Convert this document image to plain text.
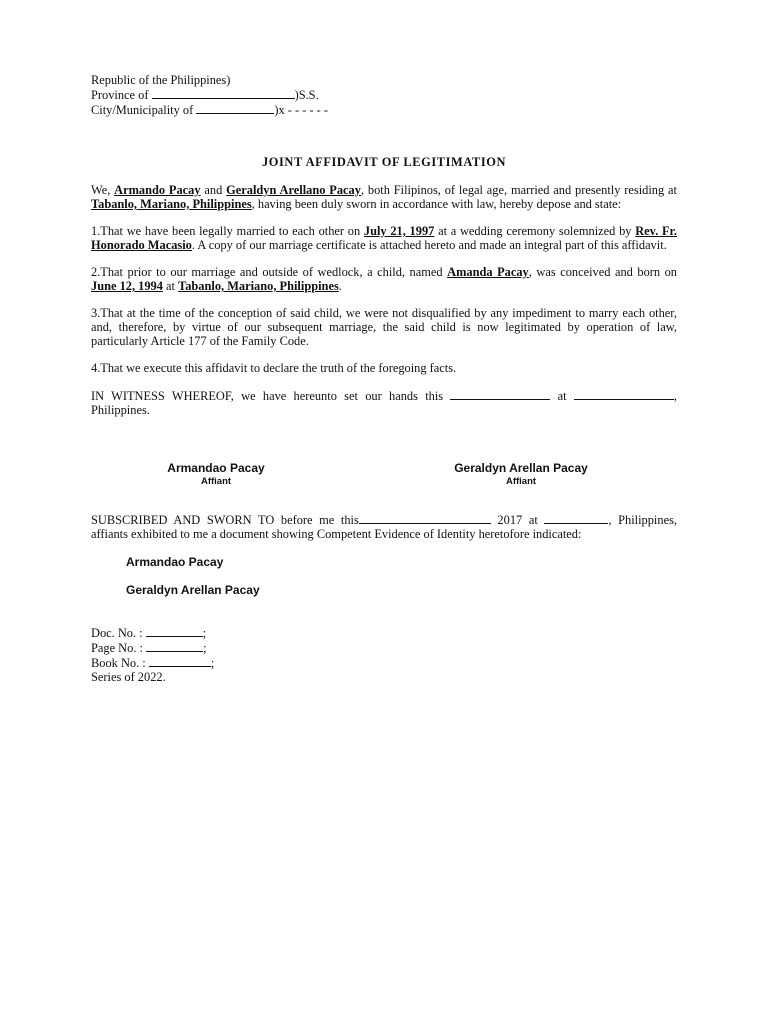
Republic of the Philippines)
Province of	)S.S.
City/Municipality of	)x - - - - - -
JOINT AFFIDAVIT OF LEGITIMATION
We, Armando Pacay and Geraldyn Arellano Pacay, both Filipinos, of legal age, married and presently residing at Tabanlo, Mariano, Philippines, having been duly sworn in accordance with law, hereby depose and state:
1.That we have been legally married to each other on July 21, 1997 at a wedding ceremony solemnized by Rev. Fr. Honorado Macasio. A copy of our marriage certificate is attached hereto and made an integral part of this affidavit.
2.That prior to our marriage and outside of wedlock, a child, named Amanda Pacay, was conceived and born on June 12, 1994 at Tabanlo, Mariano, Philippines.
3.That at the time of the conception of said child, we were not disqualified by any impediment to marry each other, and, therefore, by virtue of our subsequent marriage, the said child is now legitimated by operation of law, particularly Article 177 of the Family Code.
4.That we execute this affidavit to declare the truth of the foregoing facts.
IN WITNESS WHEREOF, we have hereunto set our hands this	at	, Philippines.
Armandao Pacay
Affiant
Geraldyn Arellan Pacay
Affiant
SUBSCRIBED AND SWORN TO before me this	2017 at	, Philippines, affiants exhibited to me a document showing Competent Evidence of Identity heretofore indicated:
Armandao Pacay
Geraldyn Arellan Pacay
Doc. No. :	;
Page No. :	;
Book No. :	;
Series of 2022.
